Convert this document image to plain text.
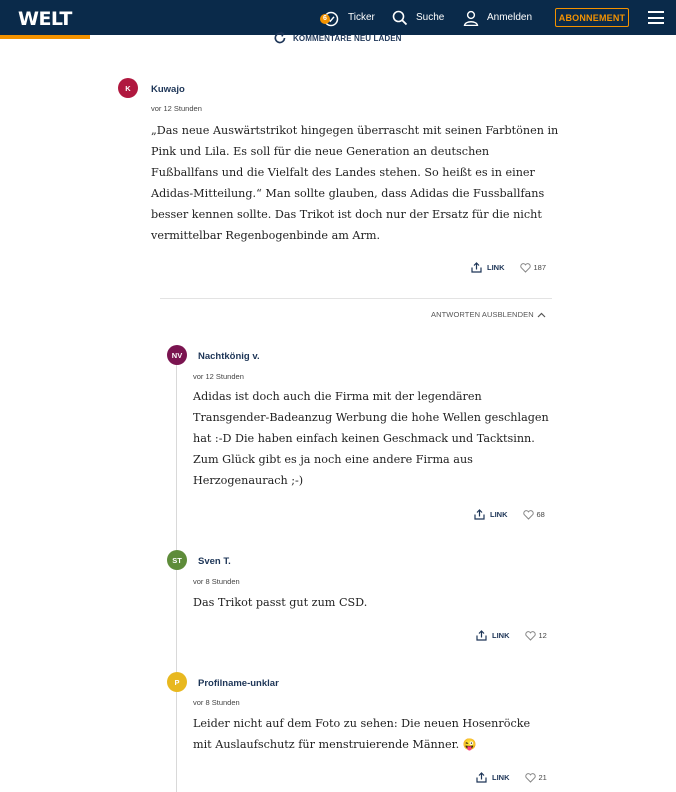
WELT	6	Ticker	Suche	Anmelden	ABONNEMENT
KOMMENTARE NEU LADEN
K	Kuwajo
vor 12 Stunden
„Das neue Auswärtstrikot hingegen überrascht mit seinen Farbtönen in
Pink und Lila. Es soll für die neue Generation an deutschen
Fußballfans und die Vielfalt des Landes stehen. So heißt es in einer
Adidas-Mitteilung.“ Man sollte glauben, dass Adidas die Fussballfans
besser kennen sollte. Das Trikot ist doch nur der Ersatz für die nicht
vermittelbar Regenbogenbinde am Arm.
LINK	187
ANTWORTEN AUSBLENDEN
NV	Nachtkönig v.
vor 12 Stunden
Adidas ist doch auch die Firma mit der legendären
Transgender-Badeanzug Werbung die hohe Wellen geschlagen
hat :-D Die haben einfach keinen Geschmack und Tacktsinn.
Zum Glück gibt es ja noch eine andere Firma aus
Herzogenaurach ;-)
LINK	68
ST	Sven T.
vor 8 Stunden
Das Trikot passt gut zum CSD.
LINK	12
P	Profilname-unklar
vor 8 Stunden
Leider nicht auf dem Foto zu sehen: Die neuen Hosenröcke
mit Auslaufschutz für menstruierende Männer. 😜
LINK	21
